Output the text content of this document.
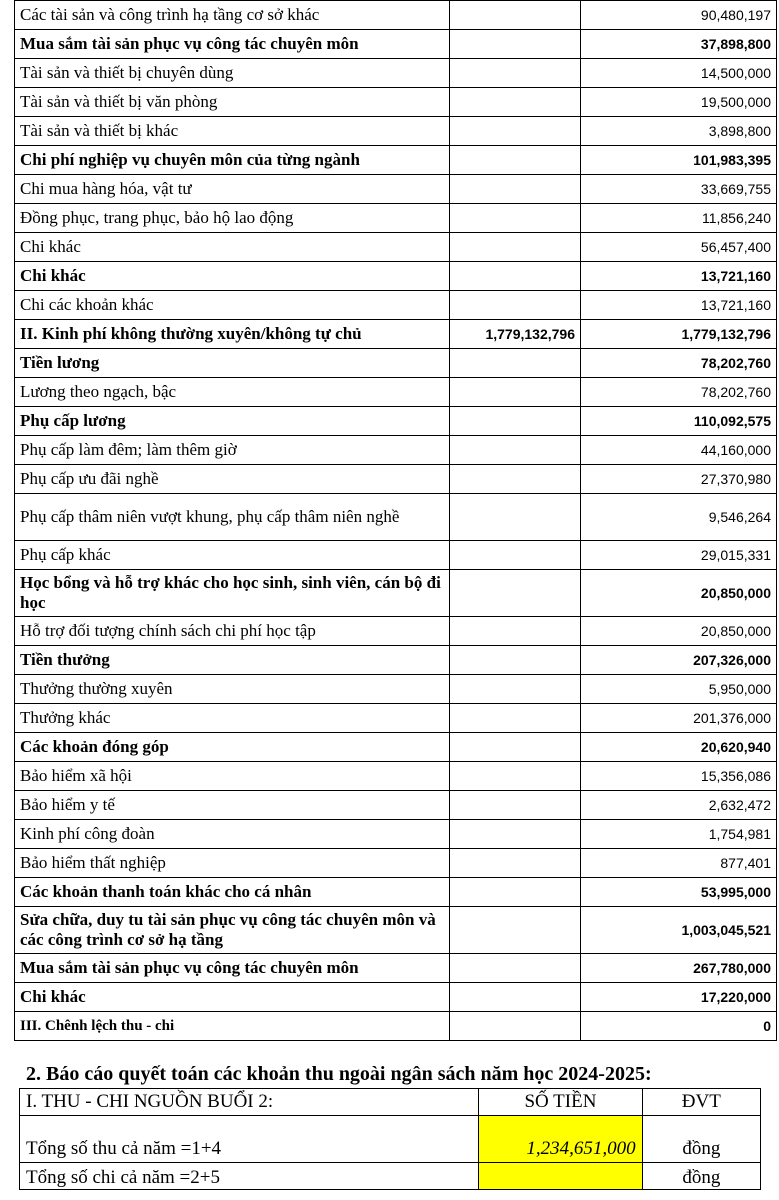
Các tài sản và công trình hạ tầng cơ sở khác		90,480,197
Mua sắm tài sản phục vụ công tác chuyên môn		37,898,800
Tài sản và thiết bị chuyên dùng		14,500,000
Tài sản và thiết bị văn phòng		19,500,000
Tài sản và thiết bị khác		3,898,800
Chi phí nghiệp vụ chuyên môn của từng ngành		101,983,395
Chi mua hàng hóa, vật tư		33,669,755
Đồng phục, trang phục, bảo hộ lao động		11,856,240
Chi khác		56,457,400
Chi khác		13,721,160
Chi các khoản khác		13,721,160
II. Kinh phí không thường xuyên/không tự chủ	1,779,132,796	1,779,132,796
Tiền lương		78,202,760
Lương theo ngạch, bậc		78,202,760
Phụ cấp lương		110,092,575
Phụ cấp làm đêm; làm thêm giờ		44,160,000
Phụ cấp ưu đãi nghề		27,370,980
Phụ cấp thâm niên vượt khung, phụ cấp thâm niên nghề		9,546,264
Phụ cấp khác		29,015,331
Học bổng và hỗ trợ khác cho học sinh, sinh viên, cán bộ đi học		20,850,000
Hỗ trợ đối tượng chính sách chi phí học tập		20,850,000
Tiền thưởng		207,326,000
Thưởng thường xuyên		5,950,000
Thưởng khác		201,376,000
Các khoản đóng góp		20,620,940
Bảo hiểm xã hội		15,356,086
Bảo hiểm y tế		2,632,472
Kinh phí công đoàn		1,754,981
Bảo hiểm thất nghiệp		877,401
Các khoản thanh toán khác cho cá nhân		53,995,000
Sửa chữa, duy tu tài sản phục vụ công tác chuyên môn và các công trình cơ sở hạ tầng		1,003,045,521
Mua sắm tài sản phục vụ công tác chuyên môn		267,780,000
Chi khác		17,220,000
III. Chênh lệch thu - chi		0
2. Báo cáo quyết toán các khoản thu ngoài ngân sách năm học 2024-2025:
I. THU - CHI NGUỒN BUỔI 2:	SỐ TIỀN	ĐVT
Tổng số thu cả năm =1+4	1,234,651,000	đồng
Tổng số chi cả năm =2+5		đồng
